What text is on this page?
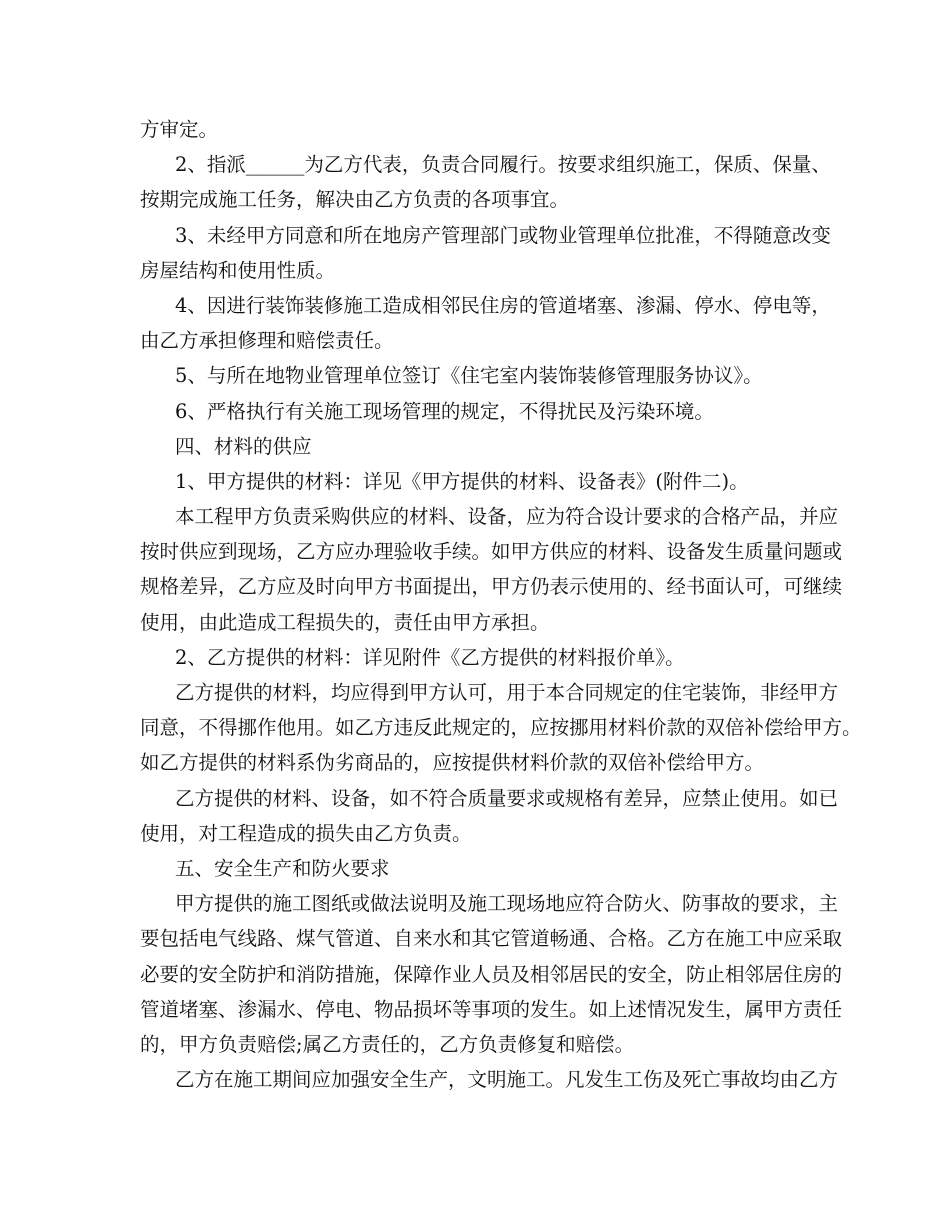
方审定。
2、指派______为乙方代表，负责合同履行。按要求组织施工，保质、保量、
按期完成施工任务，解决由乙方负责的各项事宜。
3、未经甲方同意和所在地房产管理部门或物业管理单位批准，不得随意改变
房屋结构和使用性质。
4、因进行装饰装修施工造成相邻民住房的管道堵塞、渗漏、停水、停电等，
由乙方承担修理和赔偿责任。
5、与所在地物业管理单位签订《住宅室内装饰装修管理服务协议》。
6、严格执行有关施工现场管理的规定，不得扰民及污染环境。
四、材料的供应
1、甲方提供的材料：详见《甲方提供的材料、设备表》(附件二)。
本工程甲方负责采购供应的材料、设备，应为符合设计要求的合格产品，并应
按时供应到现场，乙方应办理验收手续。如甲方供应的材料、设备发生质量问题或
规格差异，乙方应及时向甲方书面提出，甲方仍表示使用的、经书面认可，可继续
使用，由此造成工程损失的，责任由甲方承担。
2、乙方提供的材料：详见附件《乙方提供的材料报价单》。
乙方提供的材料，均应得到甲方认可，用于本合同规定的住宅装饰，非经甲方
同意，不得挪作他用。如乙方违反此规定的，应按挪用材料价款的双倍补偿给甲方。
如乙方提供的材料系伪劣商品的，应按提供材料价款的双倍补偿给甲方。
乙方提供的材料、设备，如不符合质量要求或规格有差异，应禁止使用。如已
使用，对工程造成的损失由乙方负责。
五、安全生产和防火要求
甲方提供的施工图纸或做法说明及施工现场地应符合防火、防事故的要求，主
要包括电气线路、煤气管道、自来水和其它管道畅通、合格。乙方在施工中应采取
必要的安全防护和消防措施，保障作业人员及相邻居民的安全，防止相邻居住房的
管道堵塞、渗漏水、停电、物品损坏等事项的发生。如上述情况发生，属甲方责任
的，甲方负责赔偿;属乙方责任的，乙方负责修复和赔偿。
乙方在施工期间应加强安全生产，文明施工。凡发生工伤及死亡事故均由乙方
